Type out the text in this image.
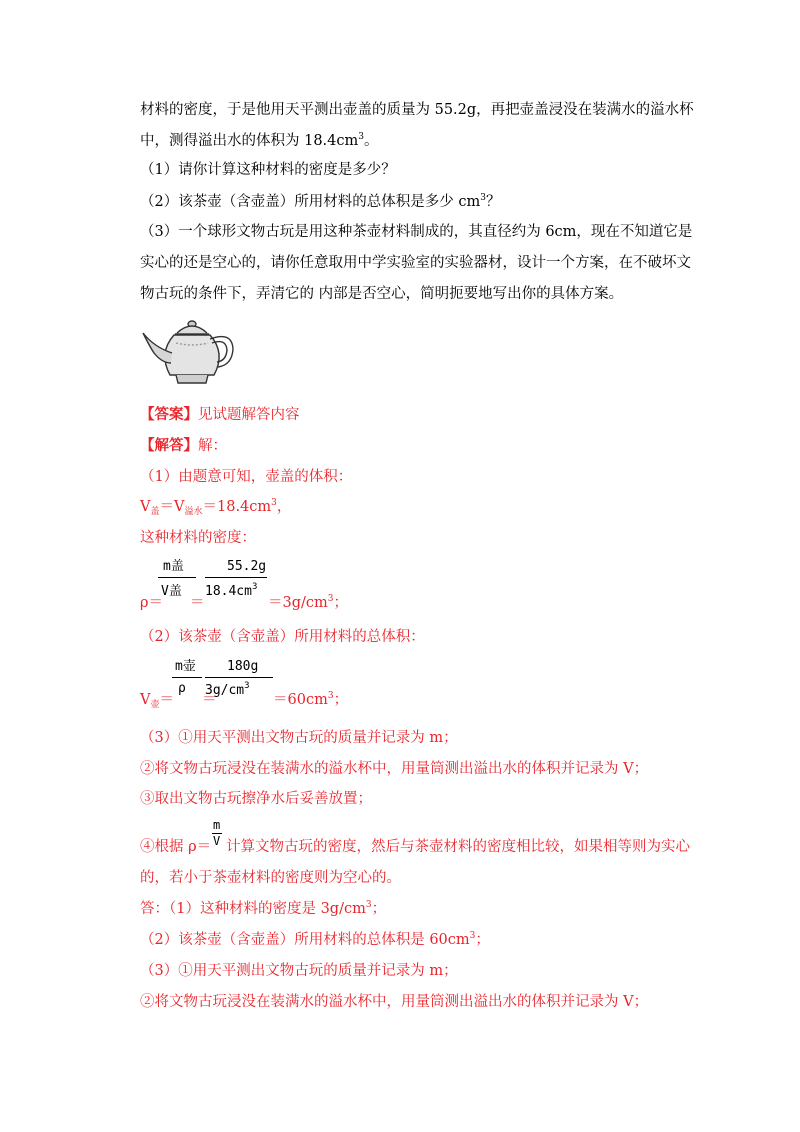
材料的密度，于是他用天平测出壶盖的质量为 55.2g，再把壶盖浸没在装满水的溢水杯
中，测得溢出水的体积为 $18.4cm^3$。
（1）请你计算这种材料的密度是多少？
（2）该茶壶（含壶盖）所用材料的总体积是多少 $cm^3$？
（3）一个球形文物古玩是用这种茶壶材料制成的，其直径约为 6cm，现在不知道它是
实心的还是空心的，请你任意取用中学实验室的实验器材，设计一个方案，在不破坏文
物古玩的条件下，弄清它的 内部是否空心，简明扼要地写出你的具体方案。
【答案】见试题解答内容
【解答】解：
（1）由题意可知，壶盖的体积：
$V_盖=V_{溢水}=18.4cm^3$，
这种材料的密度：
ρ＝
m盖
V盖
＝
55.2g
$18.4cm^3$
$=3g/cm^3$；
（2）该茶壶（含壶盖）所用材料的总体积：
$V_壶=$
m壶
ρ
＝
180g
$3g/cm^3$
$=60cm^3$；
（3）①用天平测出文物古玩的质量并记录为 m；
②将文物古玩浸没在装满水的溢水杯中，用量筒测出溢出水的体积并记录为 V；
③取出文物古玩擦净水后妥善放置；
④根据 ρ＝
m
V 计算文物古玩的密度，然后与茶壶材料的密度相比较，如果相等则为实心
的，若小于茶壶材料的密度则为空心的。
答：（1）这种材料的密度是 $3g/cm^3$；
（2）该茶壶（含壶盖）所用材料的总体积是 $60cm^3$；
（3）①用天平测出文物古玩的质量并记录为 m；
②将文物古玩浸没在装满水的溢水杯中，用量筒测出溢出水的体积并记录为 V；
